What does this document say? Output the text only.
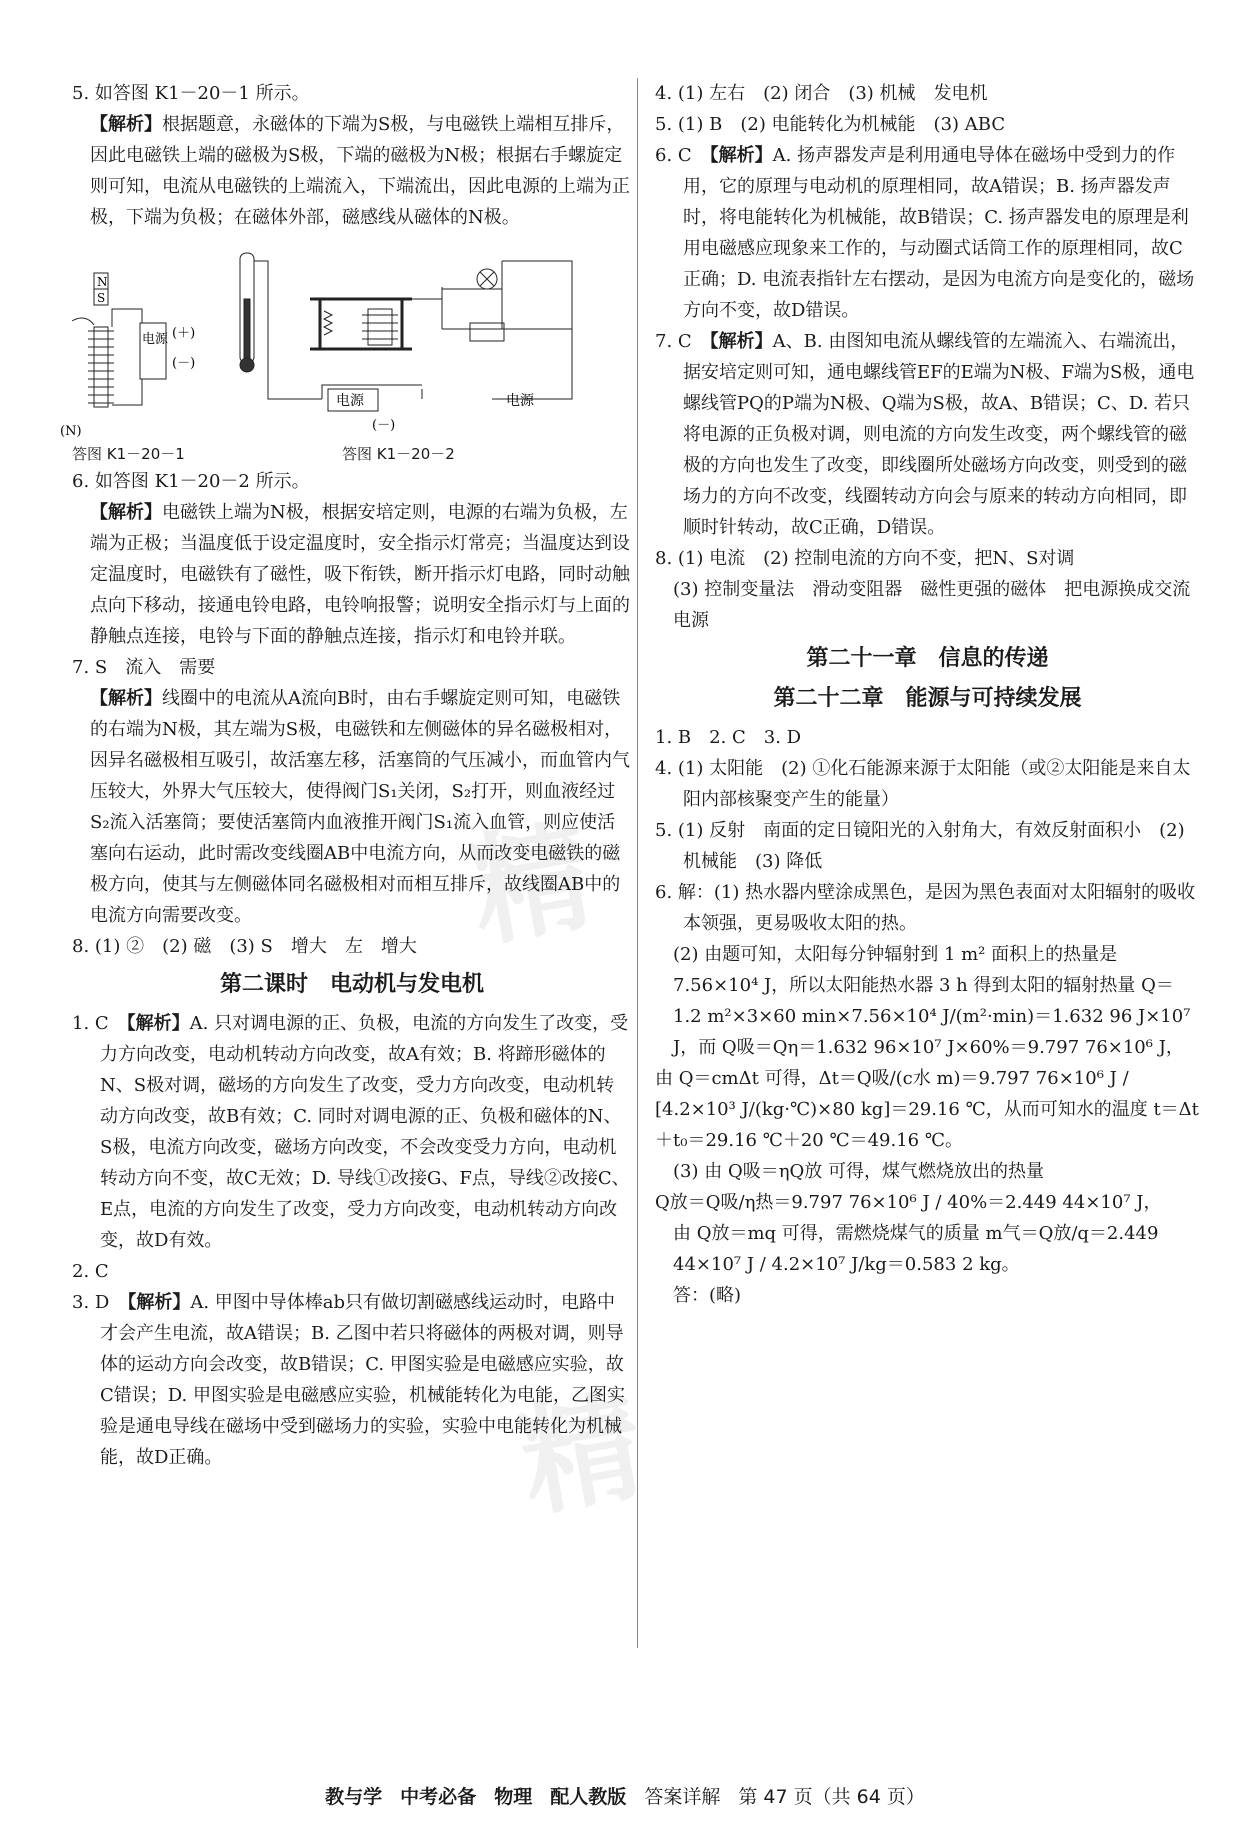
5. 如答图 K1－20－1 所示。

【解析】根据题意，永磁体的下端为S极，与电磁铁上端相互排斥，因此电磁铁上端的磁极为S极，下端的磁极为N极；根据右手螺旋定则可知，电流从电磁铁的上端流入，下端流出，因此电源的上端为正极，下端为负极；在磁体外部，磁感线从磁体的N极。

N
S
电源 (＋)
(－)
(N)
电源
(－)
电源
答图 K1－20－1	答图 K1－20－2

6. 如答图 K1－20－2 所示。

【解析】电磁铁上端为N极，根据安培定则，电源的右端为负极，左端为正极；当温度低于设定温度时，安全指示灯常亮；当温度达到设定温度时，电磁铁有了磁性，吸下衔铁，断开指示灯电路，同时动触点向下移动，接通电铃电路，电铃响报警；说明安全指示灯与上面的静触点连接，电铃与下面的静触点连接，指示灯和电铃并联。

7. S　流入　需要

【解析】线圈中的电流从A流向B时，由右手螺旋定则可知，电磁铁的右端为N极，其左端为S极，电磁铁和左侧磁体的异名磁极相对，因异名磁极相互吸引，故活塞左移，活塞筒的气压减小，而血管内气压较大，外界大气压较大，使得阀门S₁关闭，S₂打开，则血液经过S₂流入活塞筒；要使活塞筒内血液推开阀门S₁流入血管，则应使活塞向右运动，此时需改变线圈AB中电流方向，从而改变电磁铁的磁极方向，使其与左侧磁体同名磁极相对而相互排斥，故线圈AB中的电流方向需要改变。

8. (1) ②　(2) 磁　(3) S　增大　左　增大

第二课时　电动机与发电机

1. C　 【解析】A. 只对调电源的正、负极，电流的方向发生了改变，受力方向改变，电动机转动方向改变，故A有效；B. 将蹄形磁体的N、S极对调，磁场的方向发生了改变，受力方向改变，电动机转动方向改变，故B有效；C. 同时对调电源的正、负极和磁体的N、S极，电流方向改变，磁场方向改变，不会改变受力方向，电动机转动方向不变，故C无效；D. 导线①改接G、F点，导线②改接C、E点，电流的方向发生了改变，受力方向改变，电动机转动方向改变，故D有效。

2. C

3. D　 【解析】A. 甲图中导体棒ab只有做切割磁感线运动时，电路中才会产生电流，故A错误；B. 乙图中若只将磁体的两极对调，则导体的运动方向会改变，故B错误；C. 甲图实验是电磁感应实验，故C错误；D. 甲图实验是电磁感应实验，机械能转化为电能，乙图实验是通电导线在磁场中受到磁场力的实验，实验中电能转化为机械能，故D正确。

4. (1) 左右　(2) 闭合　(3) 机械　发电机

5. (1) B　(2) 电能转化为机械能　(3) ABC

6. C　 【解析】A. 扬声器发声是利用通电导体在磁场中受到力的作用，它的原理与电动机的原理相同，故A错误；B. 扬声器发声时，将电能转化为机械能，故B错误；C. 扬声器发电的原理是利用电磁感应现象来工作的，与动圈式话筒工作的原理相同，故C正确；D. 电流表指针左右摆动，是因为电流方向是变化的，磁场方向不变，故D错误。

7. C　 【解析】A、B. 由图知电流从螺线管的左端流入、右端流出，据安培定则可知，通电螺线管EF的E端为N极、F端为S极，通电螺线管PQ的P端为N极、Q端为S极，故A、B错误；C、D. 若只将电源的正负极对调，则电流的方向发生改变，两个螺线管的磁极的方向也发生了改变，即线圈所处磁场方向改变，则受到的磁场力的方向不改变，线圈转动方向会与原来的转动方向相同，即顺时针转动，故C正确，D错误。

8. (1) 电流　(2) 控制电流的方向不变，把N、S对调

(3) 控制变量法　滑动变阻器　磁性更强的磁体　把电源换成交流电源

第二十一章　信息的传递
第二十二章　能源与可持续发展

1. B　2. C　3. D

4. (1) 太阳能　(2) ①化石能源来源于太阳能（或②太阳能是来自太阳内部核聚变产生的能量）

5. (1) 反射　南面的定日镜阳光的入射角大，有效反射面积小　(2) 机械能　(3) 降低

6. 解：(1) 热水器内壁涂成黑色，是因为黑色表面对太阳辐射的吸收本领强，更易吸收太阳的热。

(2) 由题可知，太阳每分钟辐射到 1 m² 面积上的热量是 7.56×10⁴ J，所以太阳能热水器 3 h 得到太阳的辐射热量 Q＝1.2 m²×3×60 min×7.56×10⁴ J/(m²·min)＝1.632 96 J×10⁷ J，而 Q吸＝Qη＝1.632 96×10⁷ J×60%＝9.797 76×10⁶ J，

由 Q＝cmΔt 可得，Δt＝Q吸/(c水 m)＝9.797 76×10⁶ J / [4.2×10³ J/(kg·℃)×80 kg]＝29.16 ℃，从而可知水的温度 t＝Δt＋t₀＝29.16 ℃＋20 ℃＝49.16 ℃。

(3) 由 Q吸＝ηQ放 可得，煤气燃烧放出的热量

Q放＝Q吸/η热＝9.797 76×10⁶ J / 40%＝2.449 44×10⁷ J，

由 Q放＝mq 可得，需燃烧煤气的质量 m气＝Q放/q＝2.449 44×10⁷ J / 4.2×10⁷ J/kg＝0.583 2 kg。

答：(略)

精
精
教与学 中考必备 物理 配人教版 答案详解 第 47 页（共 64 页）
